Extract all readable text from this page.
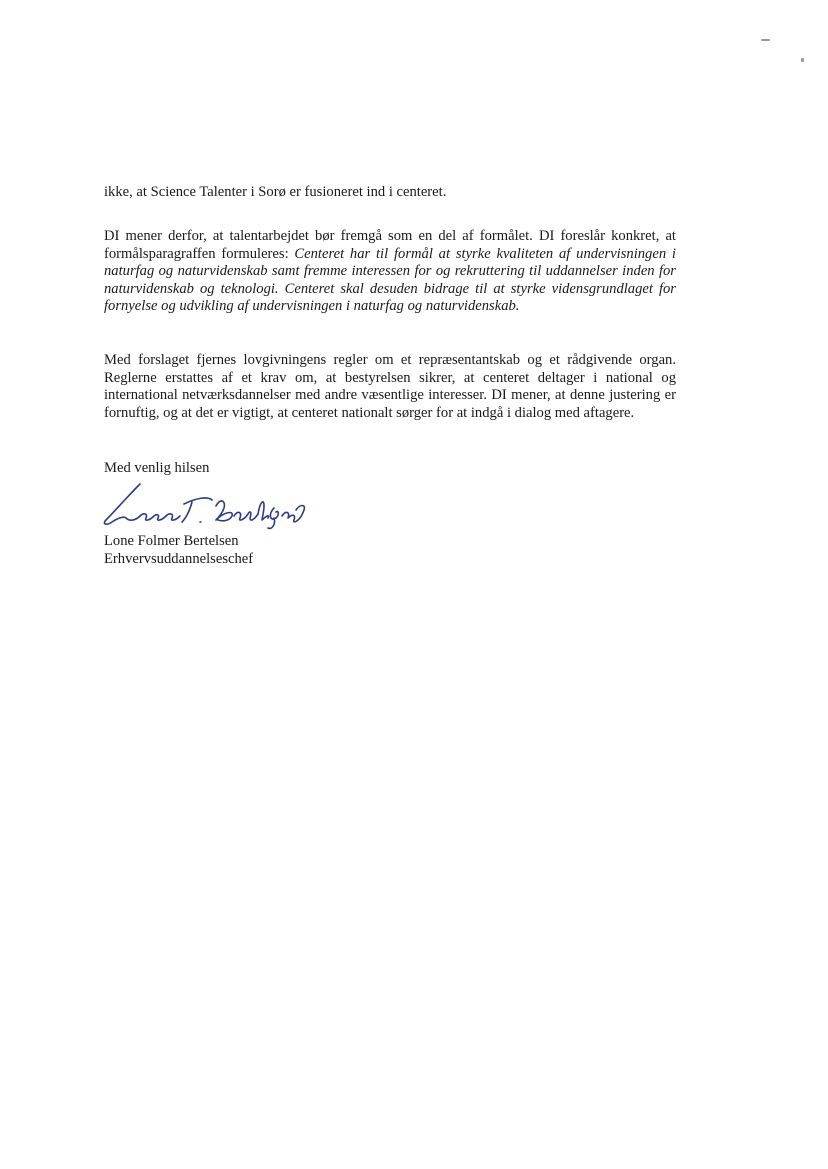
ikke, at Science Talenter i Sorø er fusioneret ind i centeret.
DI mener derfor, at talentarbejdet bør fremgå som en del af formålet. DI foreslår konkret, at formålsparagraffen formuleres: Centeret har til formål at styrke kvaliteten af undervisningen i naturfag og naturvidenskab samt fremme interessen for og rekruttering til uddannelser inden for naturvidenskab og teknologi. Centeret skal desuden bidrage til at styrke vidensgrundlaget for fornyelse og udvikling af undervisningen i naturfag og naturvidenskab.
Med forslaget fjernes lovgivningens regler om et repræsentantskab og et rådgivende organ. Reglerne erstattes af et krav om, at bestyrelsen sikrer, at centeret deltager i national og international netværksdannelser med andre væsentlige interesser. DI mener, at denne justering er fornuftig, og at det er vigtigt, at centeret nationalt sørger for at indgå i dialog med aftagere.
Med venlig hilsen
Lone Folmer Bertelsen
Erhvervsuddannelseschef
